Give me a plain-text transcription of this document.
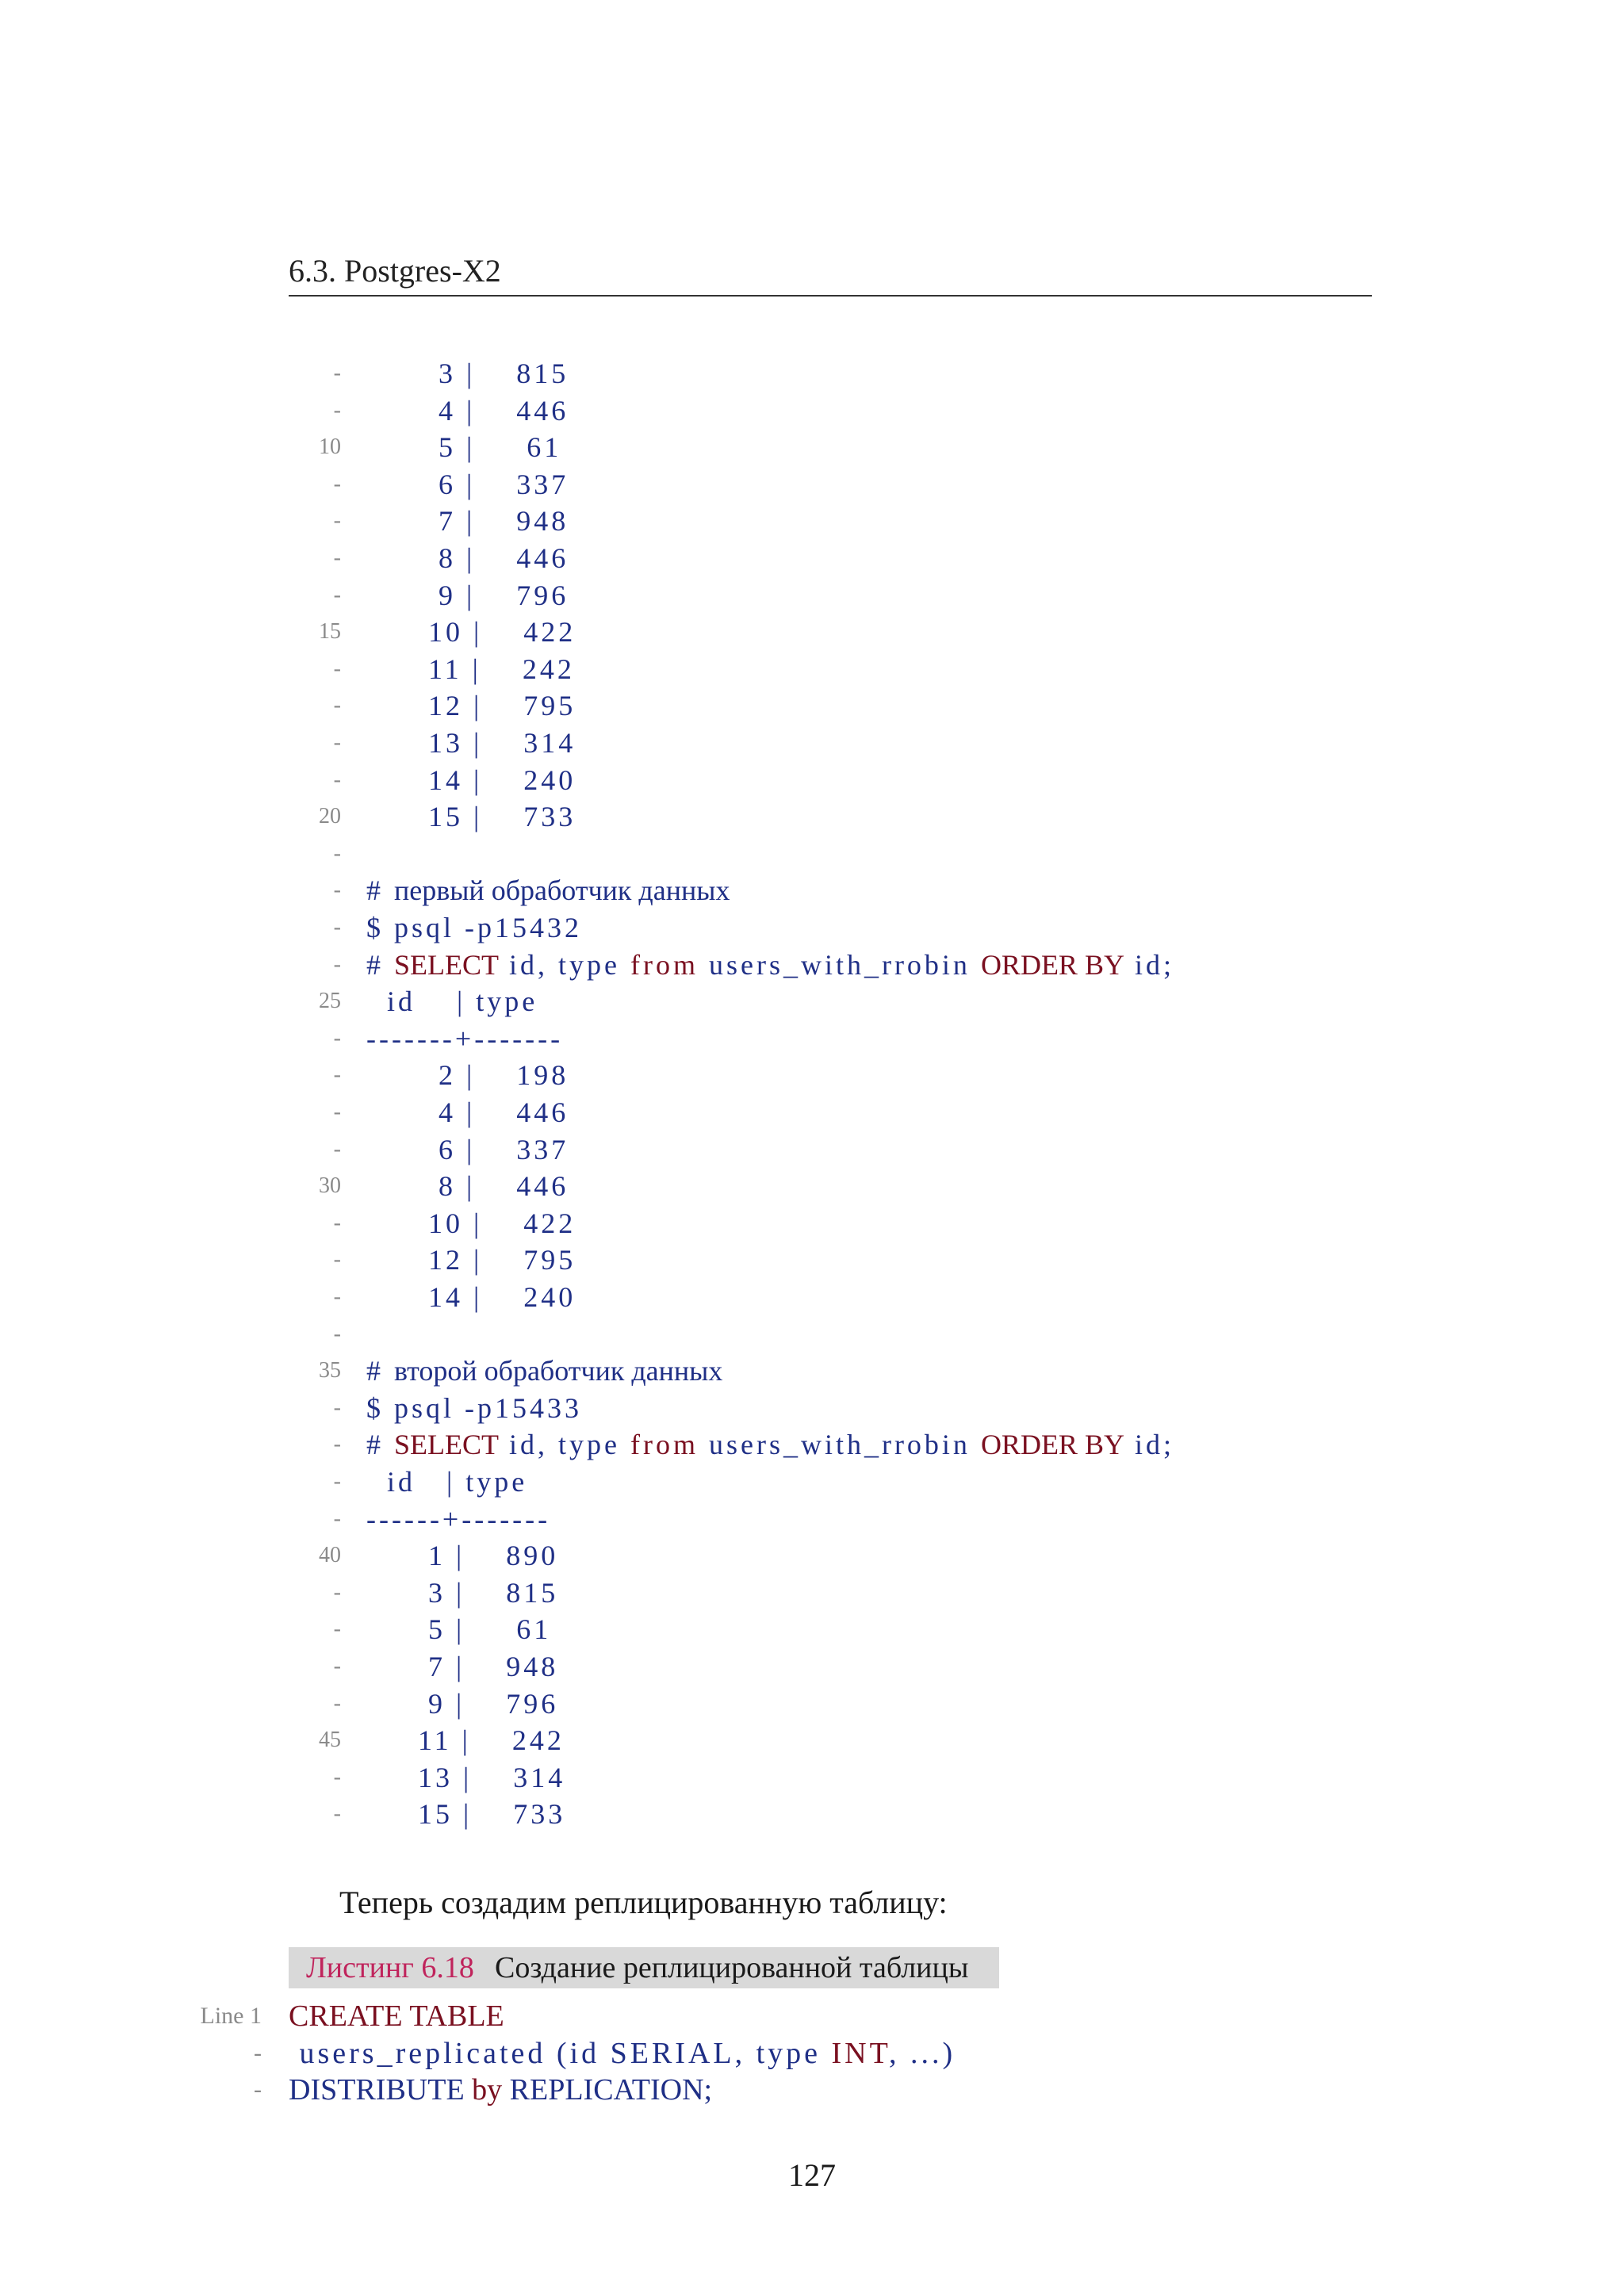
6.3. Postgres-X2
- 3 |    815
- 4 |    446
10 5 |     61
- 6 |    337
- 7 |    948
- 8 |    446
- 9 |    796
15 10 |    422
- 11 |    242
- 12 |    795
- 13 |    314
- 14 |    240
20 15 |    733
-
- # первый обработчик данных
- $ psql -p15432
- # SELECT id, type from users_with_rrobin ORDER BY id;
25 id    | type
- -------+-------
- 2 |    198
- 4 |    446
- 6 |    337
30 8 |    446
- 10 |    422
- 12 |    795
- 14 |    240
-
35 # второй обработчик данных
- $ psql -p15433
- # SELECT id, type from users_with_rrobin ORDER BY id;
- id   | type
- ------+-------
40 1 |    890
- 3 |    815
- 5 |     61
- 7 |    948
- 9 |    796
45 11 |    242
- 13 |    314
- 15 |    733
Теперь создадим реплицированную таблицу:
Листинг 6.18 Создание реплицированной таблицы
Line 1 CREATE TABLE
- users_replicated (id SERIAL, type INT, ...)
- DISTRIBUTE by REPLICATION;
127
